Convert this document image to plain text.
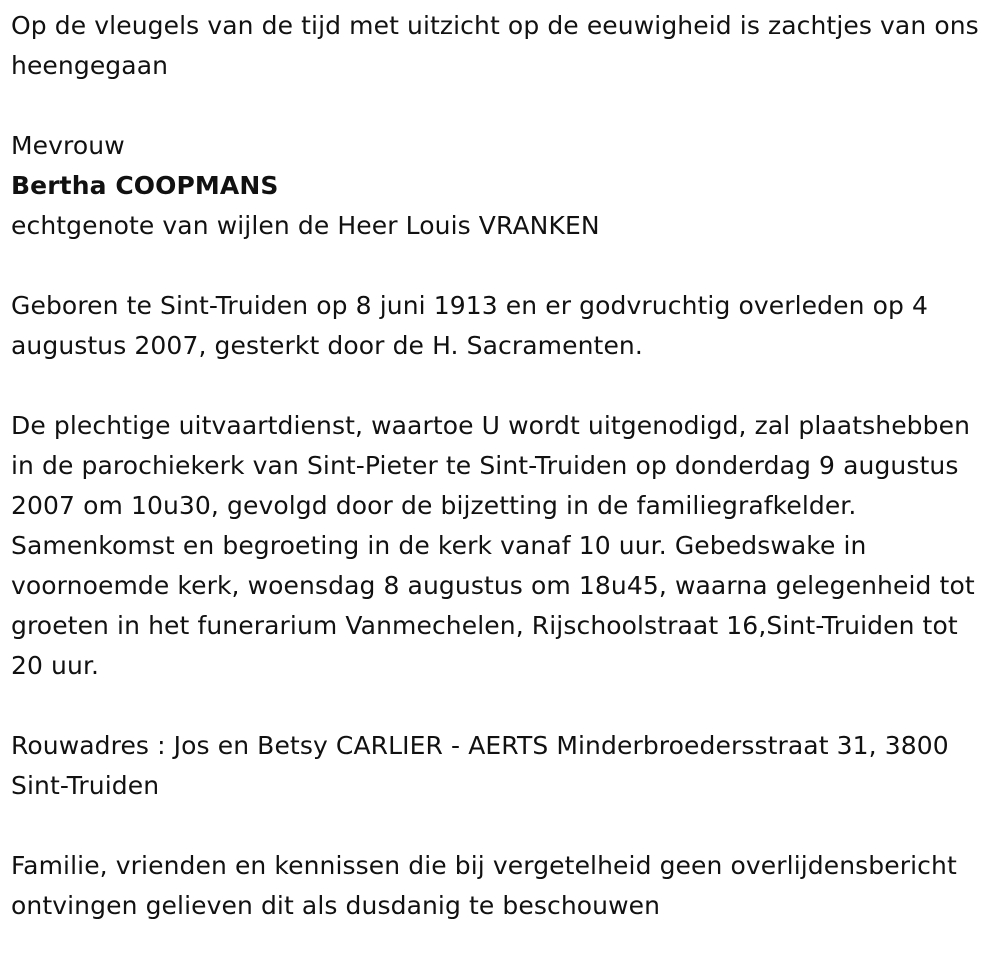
Op de vleugels van de tijd met uitzicht op de eeuwigheid is zachtjes van ons heengegaan

Mevrouw

Bertha COOPMANS

echtgenote van wijlen de Heer Louis VRANKEN

Geboren te Sint-Truiden op 8 juni 1913 en er godvruchtig overleden op 4 augustus 2007, gesterkt door de H. Sacramenten.

De plechtige uitvaartdienst, waartoe U wordt uitgenodigd, zal plaatshebben in de parochiekerk van Sint-Pieter te Sint-Truiden op donderdag 9 augustus 2007 om 10u30, gevolgd door de bijzetting in de familiegrafkelder. Samenkomst en begroeting in de kerk vanaf 10 uur. Gebedswake in voornoemde kerk, woensdag 8 augustus om 18u45, waarna gelegenheid tot groeten in het funerarium Vanmechelen, Rijschoolstraat 16,Sint-Truiden tot 20 uur.

Rouwadres : Jos en Betsy CARLIER - AERTS Minderbroedersstraat 31, 3800 Sint-Truiden

Familie, vrienden en kennissen die bij vergetelheid geen overlijdensbericht ontvingen gelieven dit als dusdanig te beschouwen
